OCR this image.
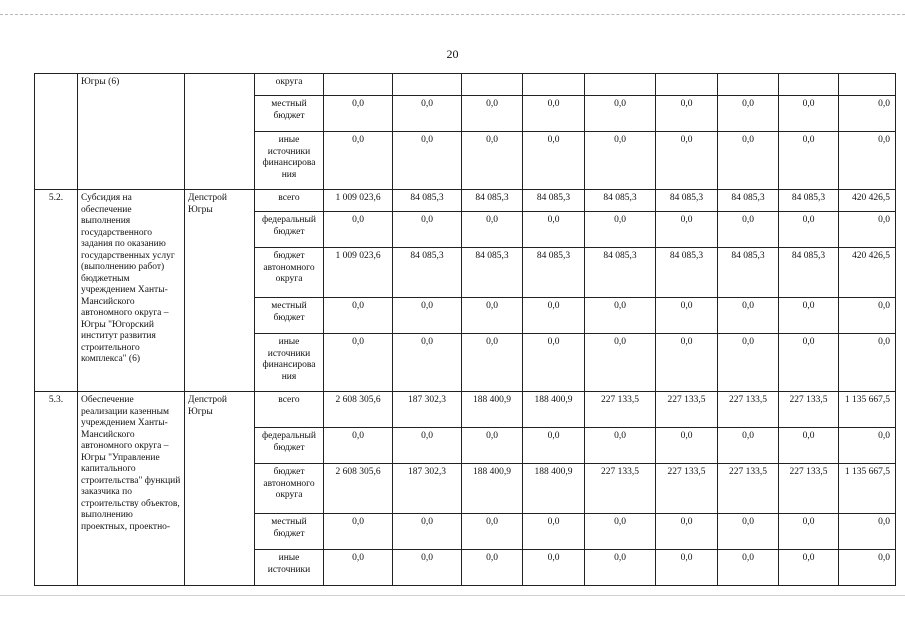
20
	Югры (6)		округа									
			местный бюджет	0,0	0,0	0,0	0,0	0,0	0,0	0,0	0,0	0,0
			иные источники финансирова ния	0,0	0,0	0,0	0,0	0,0	0,0	0,0	0,0	0,0
5.2.	Субсидия на обеспечение выполнения государственного задания по оказанию государственных услуг (выполнению работ) бюджетным учреждением Ханты-Мансийского автономного округа – Югры "Югорский институт развития строительного комплекса" (6)	Депстрой Югры	всего	1 009 023,6	84 085,3	84 085,3	84 085,3	84 085,3	84 085,3	84 085,3	84 085,3	420 426,5
			федеральный бюджет	0,0	0,0	0,0	0,0	0,0	0,0	0,0	0,0	0,0
			бюджет автономного округа	1 009 023,6	84 085,3	84 085,3	84 085,3	84 085,3	84 085,3	84 085,3	84 085,3	420 426,5
			местный бюджет	0,0	0,0	0,0	0,0	0,0	0,0	0,0	0,0	0,0
			иные источники финансирова ния	0,0	0,0	0,0	0,0	0,0	0,0	0,0	0,0	0,0
5.3.	Обеспечение реализации казенным учреждением Ханты-Мансийского автономного округа – Югры "Управление капитального строительства" функций заказчика по строительству объектов, выполнению проектных, проектно-	Депстрой Югры	всего	2 608 305,6	187 302,3	188 400,9	188 400,9	227 133,5	227 133,5	227 133,5	227 133,5	1 135 667,5
			федеральный бюджет	0,0	0,0	0,0	0,0	0,0	0,0	0,0	0,0	0,0
			бюджет автономного округа	2 608 305,6	187 302,3	188 400,9	188 400,9	227 133,5	227 133,5	227 133,5	227 133,5	1 135 667,5
			местный бюджет	0,0	0,0	0,0	0,0	0,0	0,0	0,0	0,0	0,0
			иные источники	0,0	0,0	0,0	0,0	0,0	0,0	0,0	0,0	0,0
